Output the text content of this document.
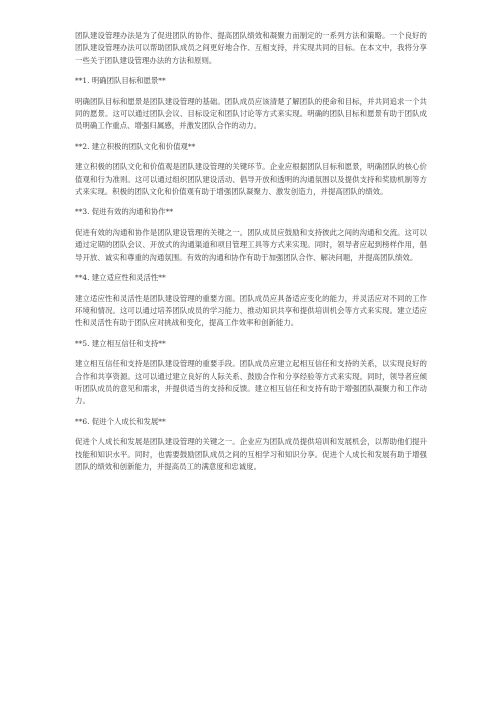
团队建设管理办法是为了促进团队的协作、提高团队绩效和凝聚力而制定的一系列方法和策略。一个良好的团队建设管理办法可以帮助团队成员之间更好地合作、互相支持，并实现共同的目标。在本文中，我将分享一些关于团队建设管理办法的方法和原则。

**1. 明确团队目标和愿景**

明确团队目标和愿景是团队建设管理的基础。团队成员应该清楚了解团队的使命和目标，并共同追求一个共同的愿景。这可以通过团队会议、目标设定和团队讨论等方式来实现。明确的团队目标和愿景有助于团队成员明确工作重点、增强归属感，并激发团队合作的动力。

**2. 建立积极的团队文化和价值观**

建立积极的团队文化和价值观是团队建设管理的关键环节。企业应根据团队目标和愿景，明确团队的核心价值观和行为准则。这可以通过组织团队建设活动、倡导开放和透明的沟通氛围以及提供支持和奖励机制等方式来实现。积极的团队文化和价值观有助于增强团队凝聚力、激发创造力，并提高团队的绩效。

**3. 促进有效的沟通和协作**

促进有效的沟通和协作是团队建设管理的关键之一。团队成员应鼓励和支持彼此之间的沟通和交流。这可以通过定期的团队会议、开放式的沟通渠道和项目管理工具等方式来实现。同时，领导者应起到榜样作用，倡导开放、诚实和尊重的沟通氛围。有效的沟通和协作有助于加强团队合作、解决问题，并提高团队绩效。

**4. 建立适应性和灵活性**

建立适应性和灵活性是团队建设管理的重要方面。团队成员应具备适应变化的能力，并灵活应对不同的工作环境和情况。这可以通过培养团队成员的学习能力、推动知识共享和提供培训机会等方式来实现。建立适应性和灵活性有助于团队应对挑战和变化，提高工作效率和创新能力。

**5. 建立相互信任和支持**

建立相互信任和支持是团队建设管理的重要手段。团队成员应建立起相互信任和支持的关系，以实现良好的合作和共享资源。这可以通过建立良好的人际关系、鼓励合作和分享经验等方式来实现。同时，领导者应倾听团队成员的意见和需求，并提供适当的支持和反馈。建立相互信任和支持有助于增强团队凝聚力和工作动力。

**6. 促进个人成长和发展**

促进个人成长和发展是团队建设管理的关键之一。企业应为团队成员提供培训和发展机会，以帮助他们提升技能和知识水平。同时，也需要鼓励团队成员之间的互相学习和知识分享。促进个人成长和发展有助于增强团队的绩效和创新能力，并提高员工的满意度和忠诚度。
